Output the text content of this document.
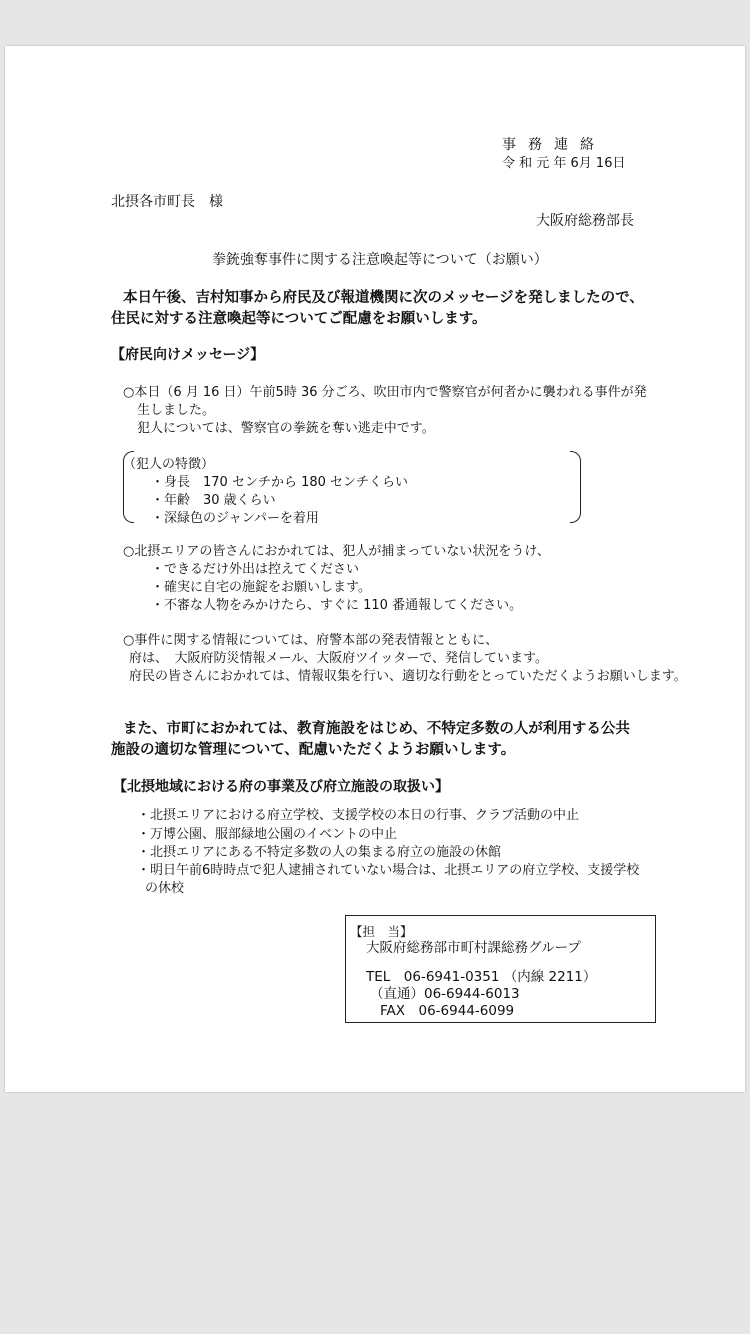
事務連絡
令 和 元 年 6月 16日
北摂各市町長　様
大阪府総務部長
拳銃強奪事件に関する注意喚起等について（お願い）
本日午後、吉村知事から府民及び報道機関に次のメッセージを発しましたので、
住民に対する注意喚起等についてご配慮をお願いします。
【府民向けメッセージ】
○本日（6 月 16 日）午前5時 36 分ごろ、吹田市内で警察官が何者かに襲われる事件が発
生しました。
犯人については、警察官の拳銃を奪い逃走中です。
（犯人の特徴）
・身長　170 センチから 180 センチくらい
・年齢　30 歳くらい
・深緑色のジャンパーを着用
○北摂エリアの皆さんにおかれては、犯人が捕まっていない状況をうけ、
・できるだけ外出は控えてください
・確実に自宅の施錠をお願いします。
・不審な人物をみかけたら、すぐに 110 番通報してください。
○事件に関する情報については、府警本部の発表情報とともに、
府は、　大阪府防災情報メール、大阪府ツイッターで、発信しています。
府民の皆さんにおかれては、情報収集を行い、適切な行動をとっていただくようお願いします。
また、市町におかれては、教育施設をはじめ、不特定多数の人が利用する公共
施設の適切な管理について、配慮いただくようお願いします。
【北摂地域における府の事業及び府立施設の取扱い】
・北摂エリアにおける府立学校、支援学校の本日の行事、クラブ活動の中止
・万博公園、服部緑地公園のイベントの中止
・北摂エリアにある不特定多数の人の集まる府立の施設の休館
・明日午前6時時点で犯人逮捕されていない場合は、北摂エリアの府立学校、支援学校
の休校
【担　当】
大阪府総務部市町村課総務グループ
TEL　06-6941-0351 （内線 2211）
（直通）06-6944-6013
FAX　06-6944-6099
